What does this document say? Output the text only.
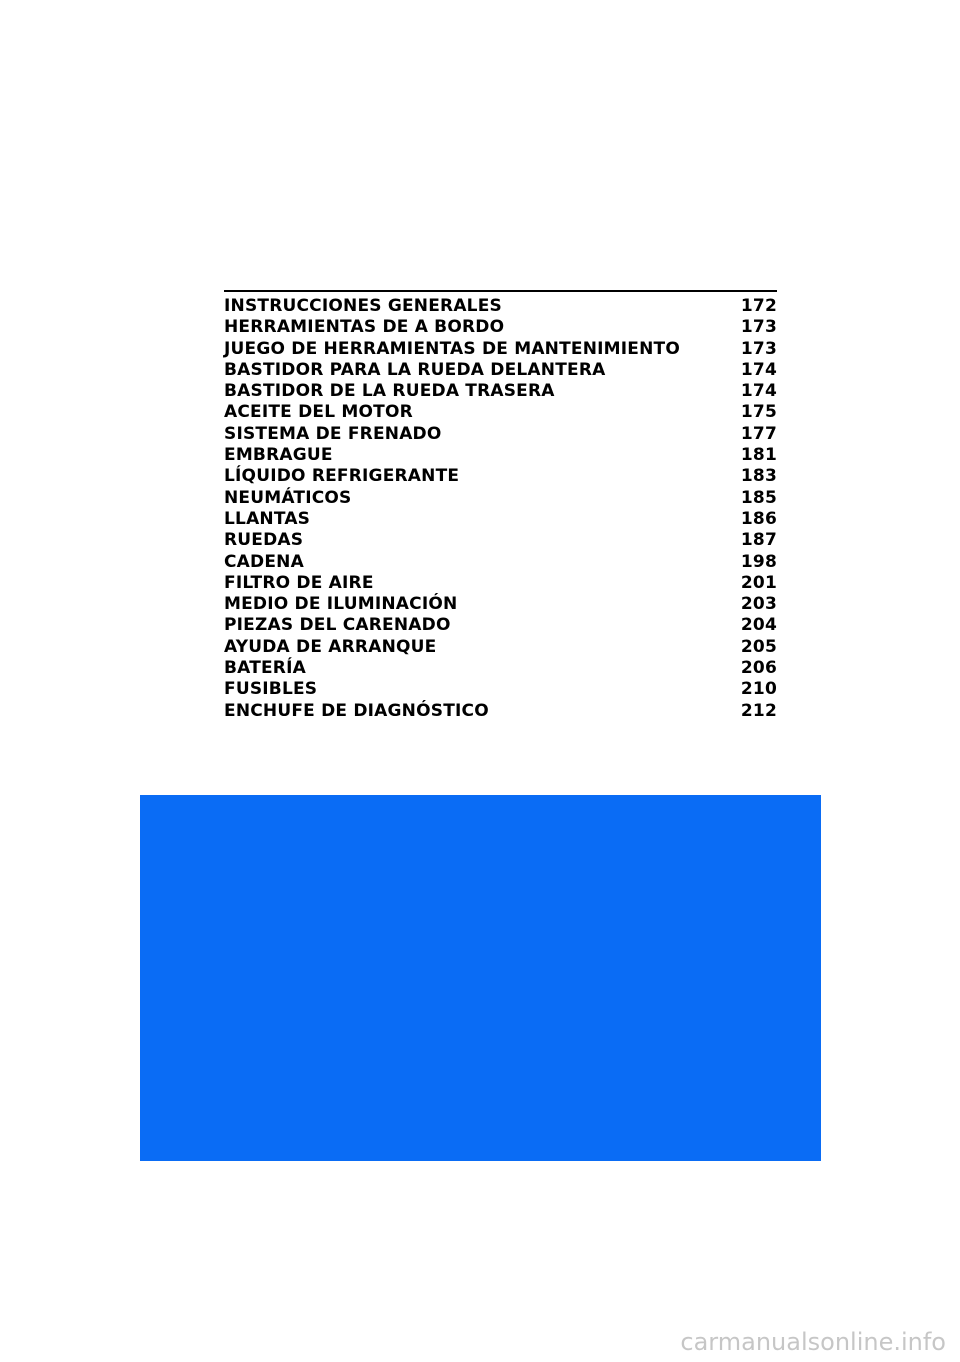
INSTRUCCIONES GENERALES	172
HERRAMIENTAS DE A BORDO	173
JUEGO DE HERRAMIENTAS DE MANTENIMIENTO	173
BASTIDOR PARA LA RUEDA DELANTERA	174
BASTIDOR DE LA RUEDA TRASERA	174
ACEITE DEL MOTOR	175
SISTEMA DE FRENADO	177
EMBRAGUE	181
LÍQUIDO REFRIGERANTE	183
NEUMÁTICOS	185
LLANTAS	186
RUEDAS	187
CADENA	198
FILTRO DE AIRE	201
MEDIO DE ILUMINACIÓN	203
PIEZAS DEL CARENADO	204
AYUDA DE ARRANQUE	205
BATERÍA	206
FUSIBLES	210
ENCHUFE DE DIAGNÓSTICO	212
carmanualsonline.info
